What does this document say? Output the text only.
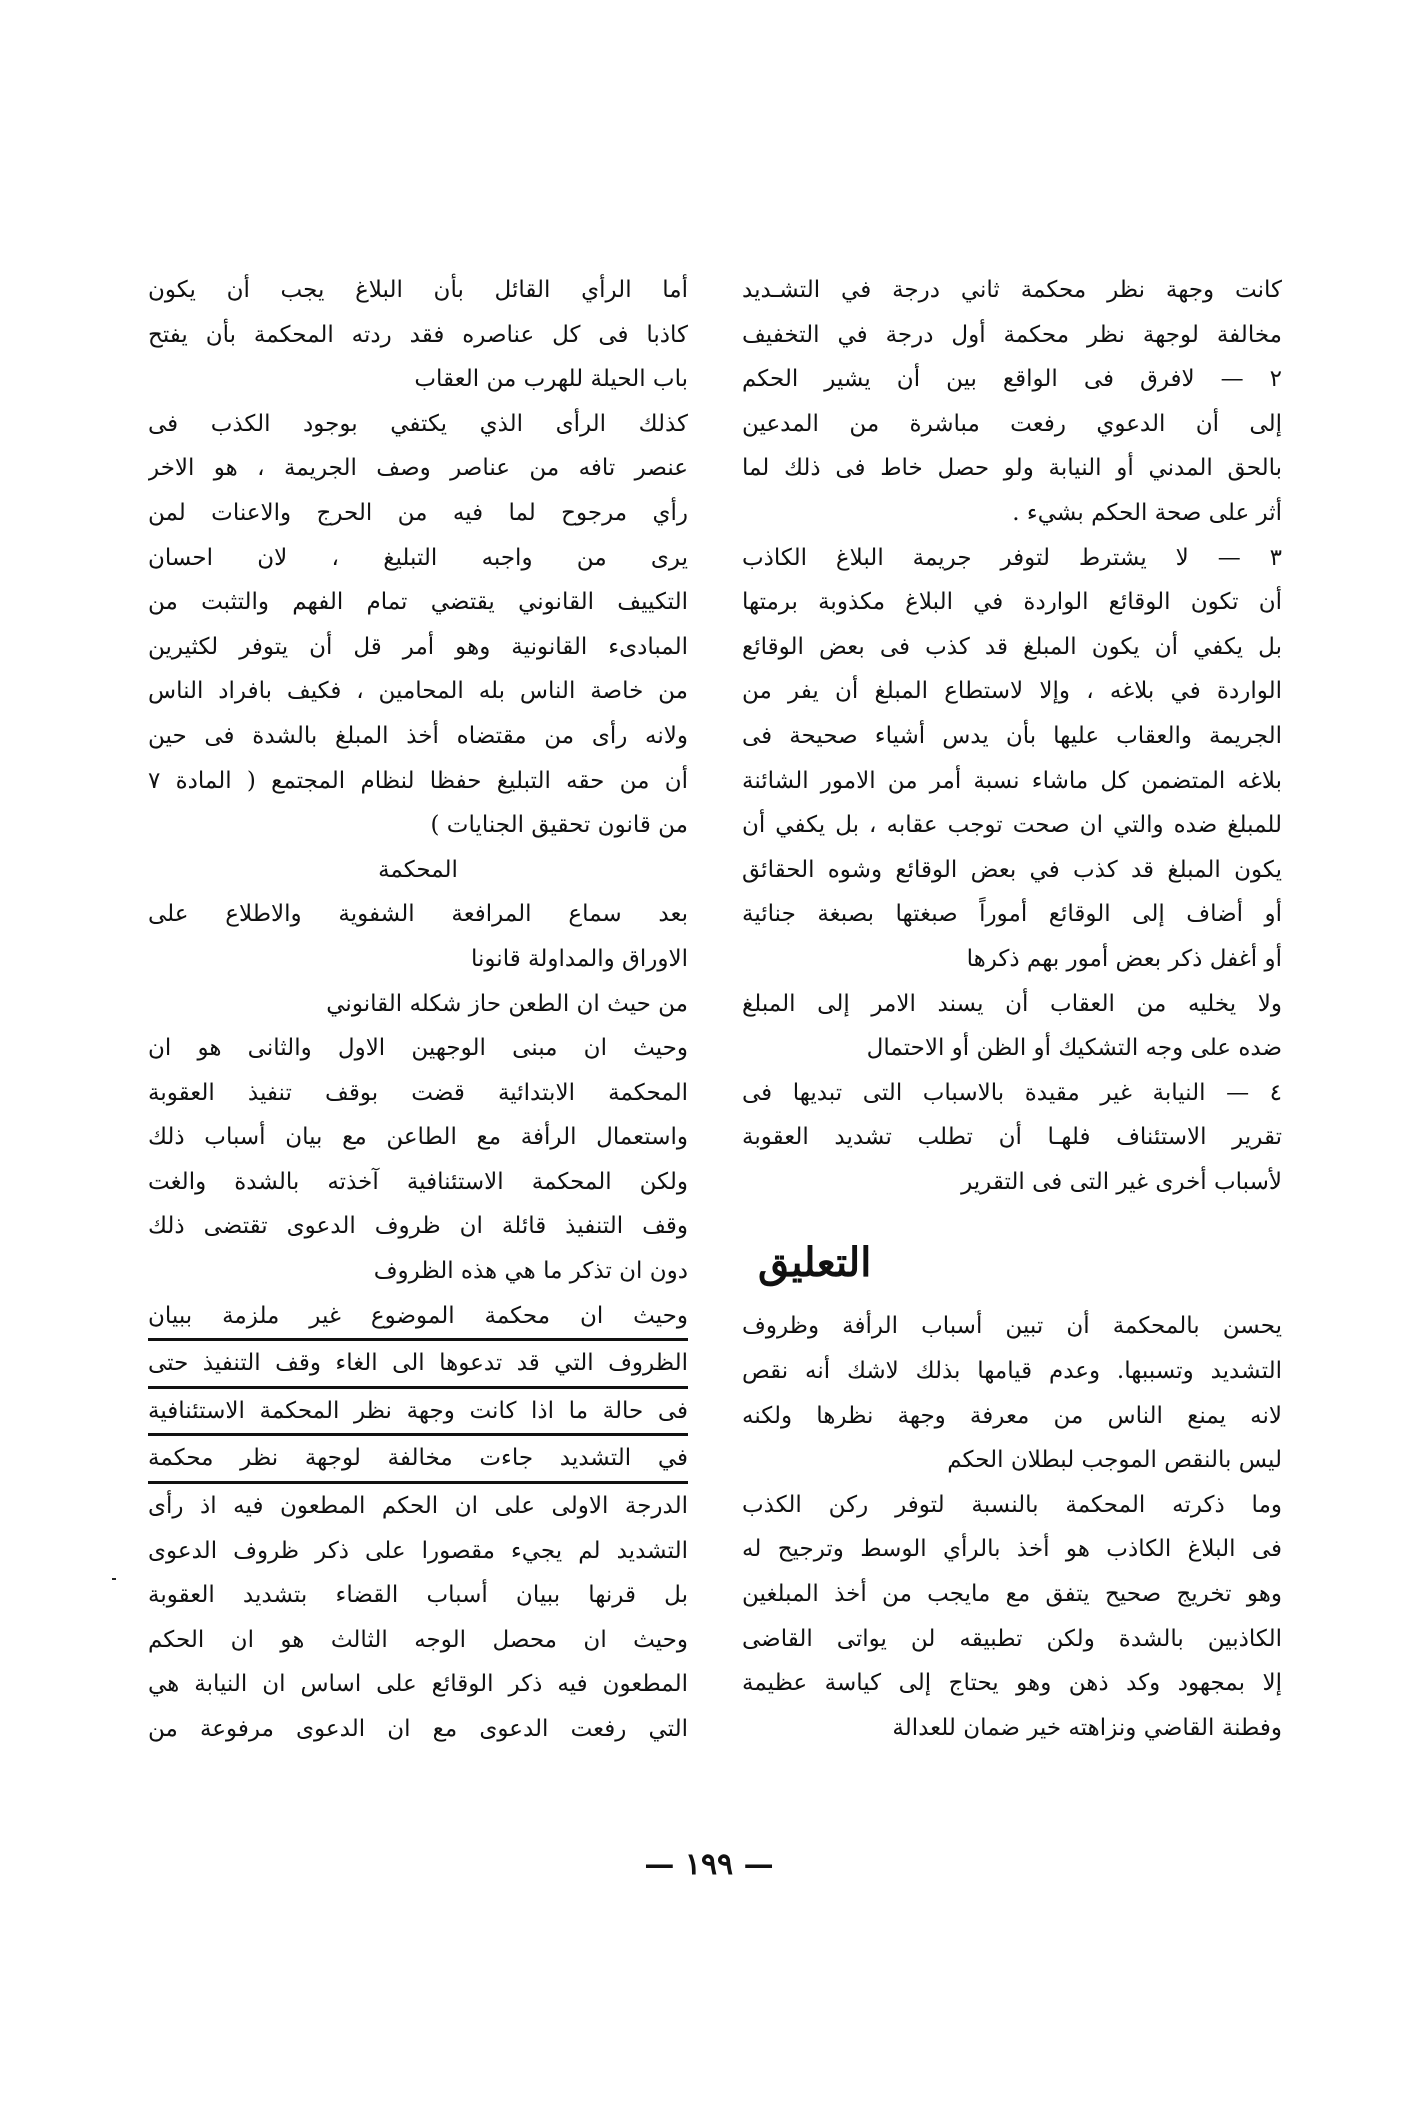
كانت وجهة نظر محكمة ثاني درجة في التشـديد
مخالفة لوجهة نظر محكمة أول درجة في التخفيف
٢ — لافرق فى الواقع بين أن يشير الحكم
إلى أن الدعوي رفعت مباشرة من المدعين
بالحق المدني أو النيابة ولو حصل خاط فى ذلك لما
أثر على صحة الحكم بشيء .
٣ — لا يشترط لتوفر جريمة البلاغ الكاذب
أن تكون الوقائع الواردة في البلاغ مكذوبة برمتها
بل يكفي أن يكون المبلغ قد كذب فى بعض الوقائع
الواردة في بلاغه ، وإلا لاستطاع المبلغ أن يفر من
الجريمة والعقاب عليها بأن يدس أشياء صحيحة فى
بلاغه المتضمن كل ماشاء نسبة أمر من الامور الشائنة
للمبلغ ضده والتي ان صحت توجب عقابه ، بل يكفي أن
يكون المبلغ قد كذب في بعض الوقائع وشوه الحقائق
أو أضاف إلى الوقائع أموراً صبغتها بصبغة جنائية
أو أغفل ذكر بعض أمور بهم ذكرها
ولا يخليه من العقاب أن يسند الامر إلى المبلغ
ضده على وجه التشكيك أو الظن أو الاحتمال
٤ — النيابة غير مقيدة بالاسباب التى تبديها فى
تقرير الاستئناف فلهـا أن تطلب تشديد العقوبة
لأسباب أخرى غير التى فى التقرير
التعليق
يحسن بالمحكمة أن تبين أسباب الرأفة وظروف
التشديد وتسببها. وعدم قيامها بذلك لاشك أنه نقص
لانه يمنع الناس من معرفة وجهة نظرها ولكنه
ليس بالنقص الموجب لبطلان الحكم
وما ذكرته المحكمة بالنسبة لتوفر ركن الكذب
فى البلاغ الكاذب هو أخذ بالرأي الوسط وترجيح له
وهو تخريج صحيح يتفق مع مايجب من أخذ المبلغين
الكاذبين بالشدة ولكن تطبيقه لن يواتى القاضى
إلا بمجهود وكد ذهن وهو يحتاج إلى كياسة عظيمة
وفطنة القاضي ونزاهته خير ضمان للعدالة
أما الرأي القائل بأن البلاغ يجب أن يكون
كاذبا فى كل عناصره فقد ردته المحكمة بأن يفتح
باب الحيلة للهرب من العقاب
كذلك الرأى الذي يكتفي بوجود الكذب فى
عنصر تافه من عناصر وصف الجريمة ، هو الاخر
رأي مرجوح لما فيه من الحرج والاعنات لمن
يرى من واجبه التبليغ ، لان احسان
التكييف القانوني يقتضي تمام الفهم والتثبت من
المبادىء القانونية وهو أمر قل أن يتوفر لكثيرين
من خاصة الناس بله المحامين ، فكيف بافراد الناس
ولانه رأى من مقتضاه أخذ المبلغ بالشدة فى حين
أن من حقه التبليغ حفظا لنظام المجتمع ( المادة ٧
من قانون تحقيق الجنايات )
المحكمة
بعد سماع المرافعة الشفوية والاطلاع على
الاوراق والمداولة قانونا
من حيث ان الطعن حاز شكله القانوني
وحيث ان مبنى الوجهين الاول والثانى هو ان
المحكمة الابتدائية قضت بوقف تنفيذ العقوبة
واستعمال الرأفة مع الطاعن مع بيان أسباب ذلك
ولكن المحكمة الاستئنافية آخذته بالشدة والغت
وقف التنفيذ قائلة ان ظروف الدعوى تقتضى ذلك
دون ان تذكر ما هي هذه الظروف
وحيث ان محكمة الموضوع غير ملزمة ببيان
الظروف التي قد تدعوها الى الغاء وقف التنفيذ حتى
فى حالة ما اذا كانت وجهة نظر المحكمة الاستئنافية
في التشديد جاءت مخالفة لوجهة نظر محكمة
الدرجة الاولى على ان الحكم المطعون فيه اذ رأى
التشديد لم يجيء مقصورا على ذكر ظروف الدعوى
بل قرنها ببيان أسباب القضاء بتشديد العقوبة
وحيث ان محصل الوجه الثالث هو ان الحكم
المطعون فيه ذكر الوقائع على اساس ان النيابة هي
التي رفعت الدعوى مع ان الدعوى مرفوعة من
— ١٩٩ —
